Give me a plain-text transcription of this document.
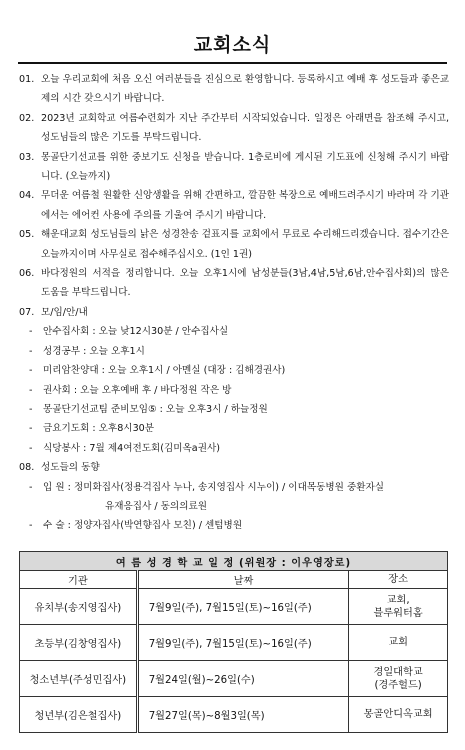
교회소식
01. 오늘 우리교회에 처음 오신 여러분들을 진심으로 환영합니다. 등록하시고 예배 후 성도들과 좋은교제의 시간 갖으시기 바랍니다.
02. 2023년 교회학교 여름수련회가 지난 주간부터 시작되었습니다. 일정은 아래면을 참조해 주시고, 성도님들의 많은 기도를 부탁드립니다.
03. 몽골단기선교를 위한 중보기도 신청을 받습니다. 1층로비에 게시된 기도표에 신청해 주시기 바랍니다. (오늘까지)
04. 무더운 여름철 원활한 신앙생활을 위해 간편하고, 깔끔한 복장으로 예배드려주시기 바라며 각 기관에서는 에어컨 사용에 주의를 기울여 주시기 바랍니다.
05. 해운대교회 성도님들의 낡은 성경찬송 겉표지를 교회에서 무료로 수리해드리겠습니다. 접수기간은 오늘까지이며 사무실로 접수해주십시오. (1인 1권)
06. 바다정원의 서적을 정리합니다. 오늘 오후1시에 남성분들(3남,4남,5남,6남,안수집사회)의 많은 도움을 부탁드립니다.
07. 모/임/안/내
-	안수집사회 : 오늘 낮12시30분 / 안수집사실
-	성경공부 : 오늘 오후1시
-	미리암찬양대 : 오늘 오후1시 / 아멘실 (대장 : 김해경권사)
-	권사회 : 오늘 오후예배 후 / 바다정원 작은 방
-	몽골단기선교팀 준비모임⑤ : 오늘 오후3시 / 하늘정원
-	금요기도회 : 오후8시30분
-	식당봉사 : 7월 제4여전도회(김미옥a권사)
08. 성도들의 동향
-	입 원 : 정미화집사(정용걱집사 누나, 송지영집사 시누이) / 이대목동병원 중환자실
유재응집사 / 동의의료원
-	수 술 : 정양자집사(박연향집사 모친) / 센텀병원
여 름 성 경 학 교 일 정 (위원장 : 이우영장로)		
기관	날짜	장소
유치부(송지영집사)	7월9일(주), 7월15일(토)~16일(주)	교회,
블루워터홈

초등부(김창영집사)	7월9일(주), 7월15일(토)~16일(주)	교회

청소년부(주성민집사)	7월24일(월)~26일(수)	경일대학교
(경주헐드)

청년부(김은철집사)	7월27일(목)~8월3일(목)	몽골안디옥교회
